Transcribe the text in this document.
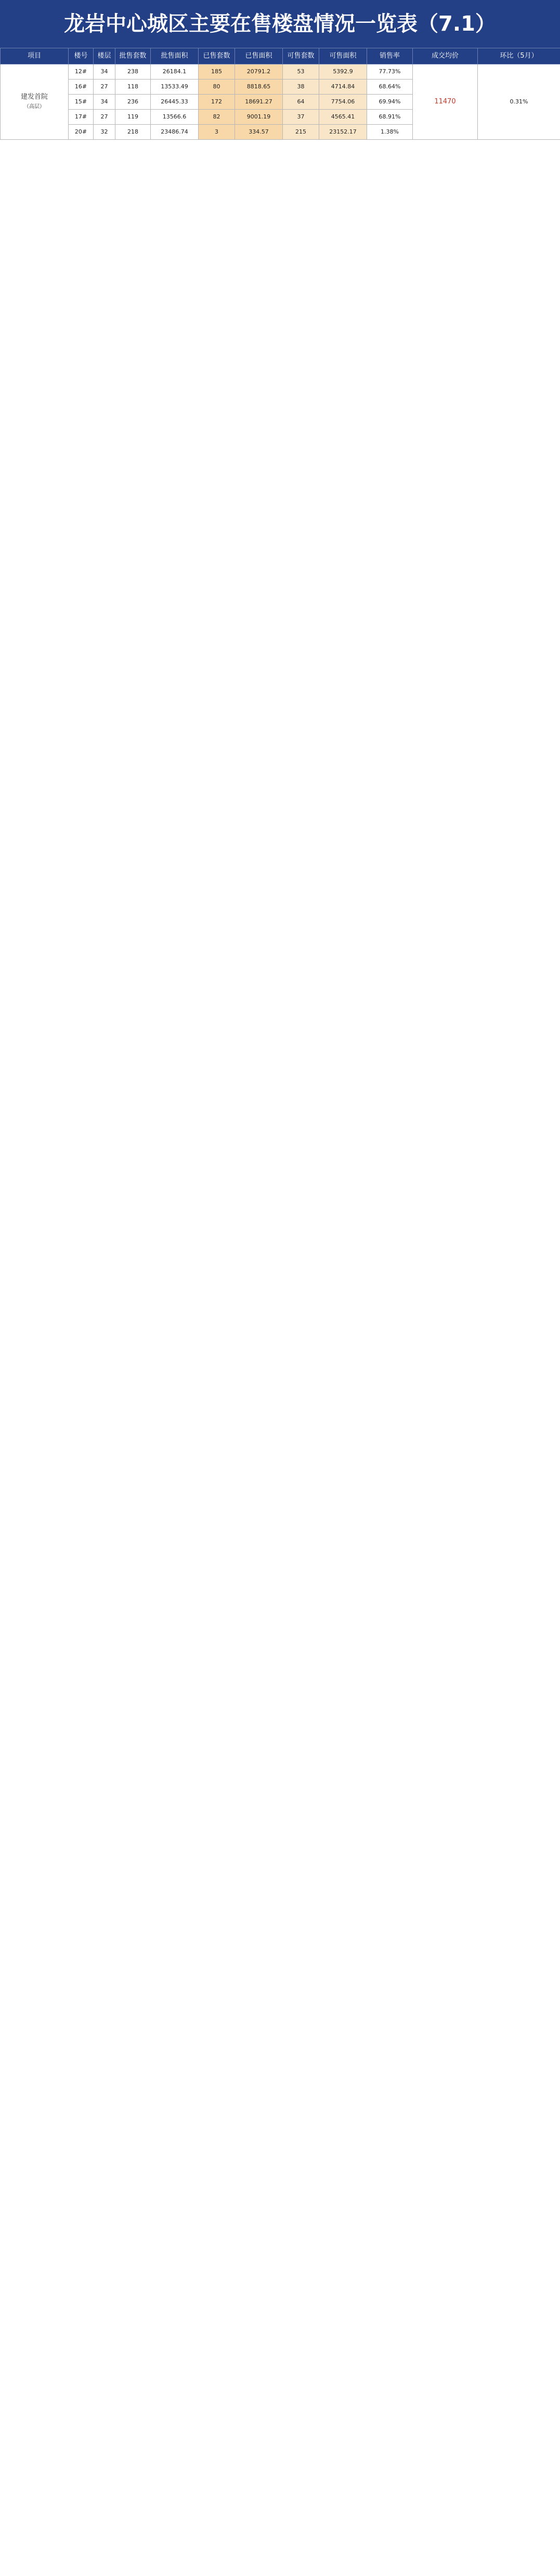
龙岩中心城区主要在售楼盘情况一览表（7.1）
项目	楼号	楼层	批售套数	批售面积	已售套数	已售面积	可售套数	可售面积	销售率	成交均价	环比（5月）
建发首院
（高层）	12#	34	238	26184.1	185	20791.2	53	5392.9	77.73%	11470	0.31%
	16#	27	118	13533.49	80	8818.65	38	4714.84	68.64%		
	15#	34	236	26445.33	172	18691.27	64	7754.06	69.94%		
	17#	27	119	13566.6	82	9001.19	37	4565.41	68.91%		
	20#	32	218	23486.74	3	334.57	215	23152.17	1.38%		
